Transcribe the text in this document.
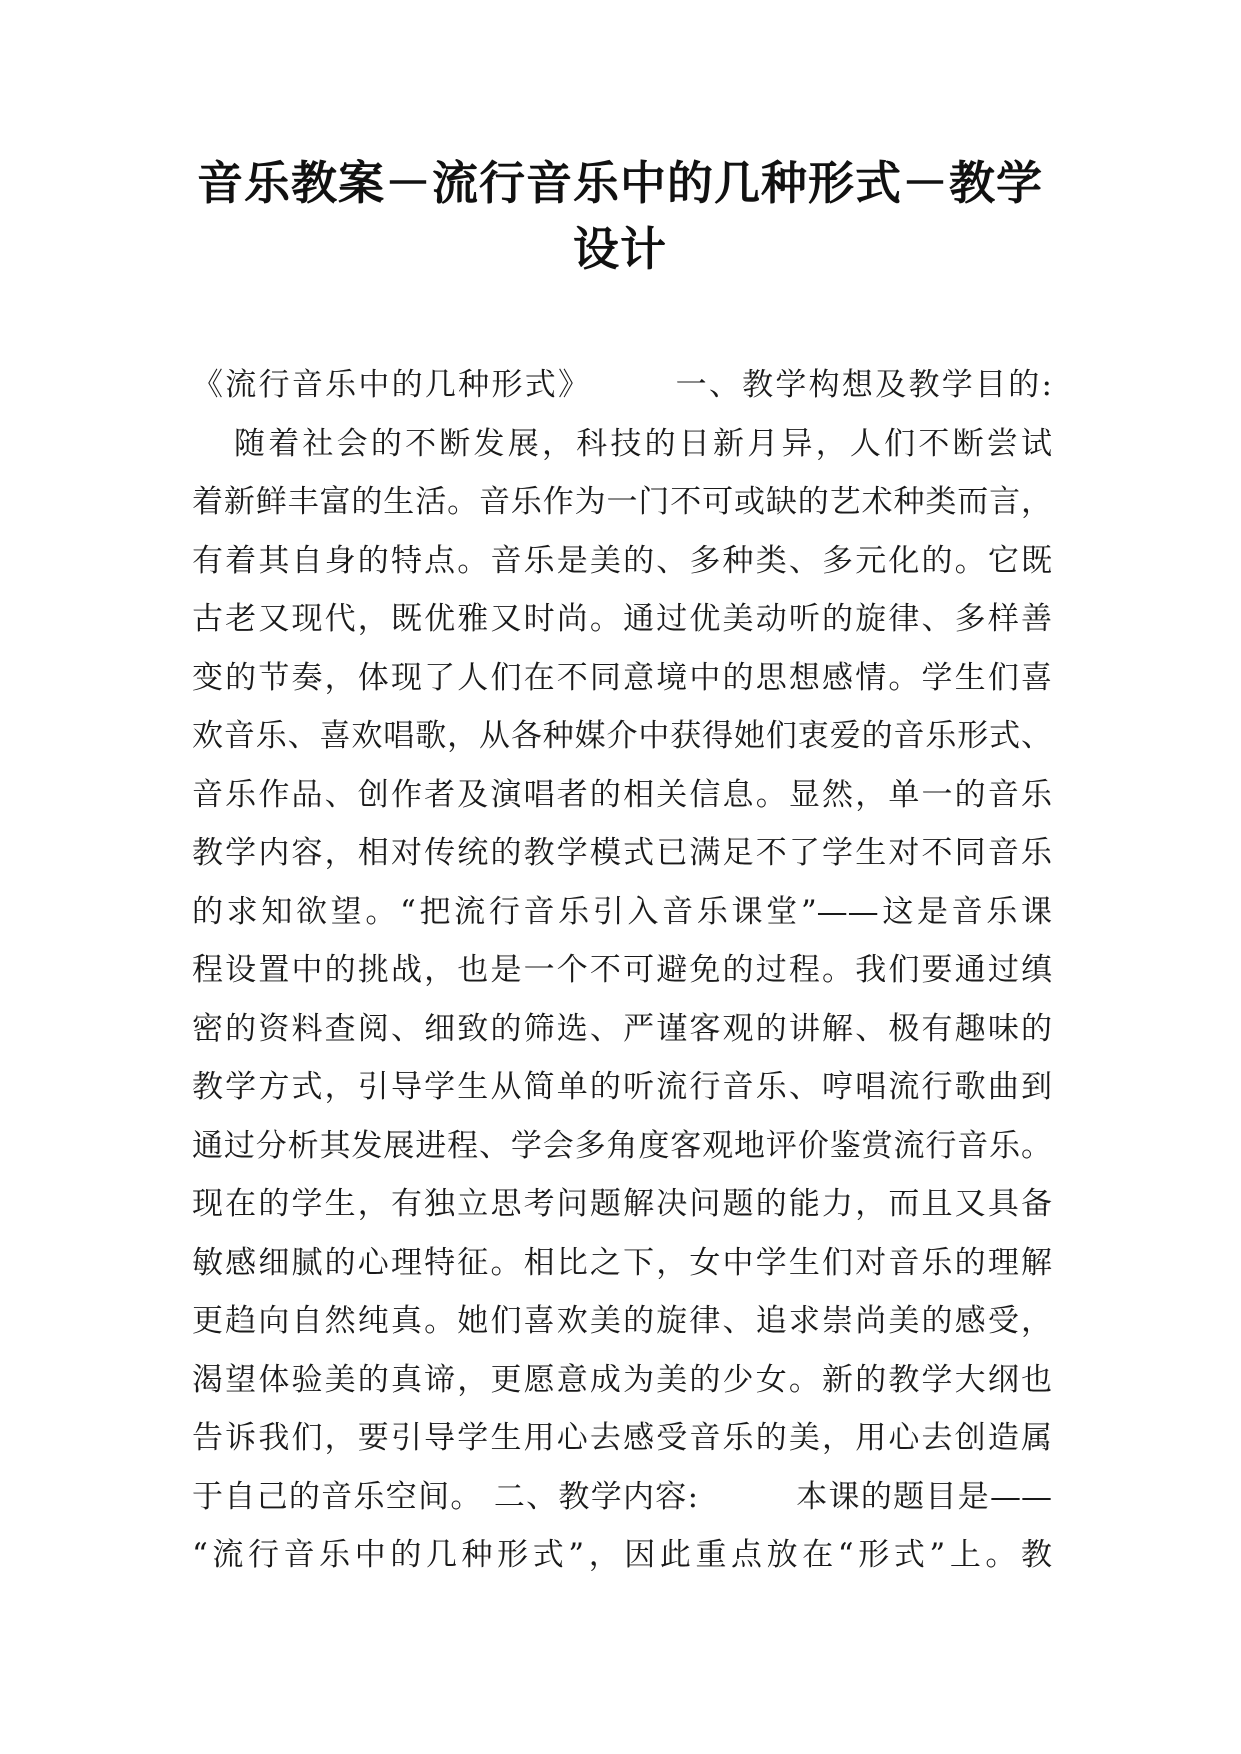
音乐教案－流行音乐中的几种形式－教学
设计
《流行音乐中的几种形式》　　　一、教学构想及教学目的:
随着社会的不断发展，科技的日新月异，人们不断尝试
着新鲜丰富的生活。音乐作为一门不可或缺的艺术种类而言，
有着其自身的特点。音乐是美的、多种类、多元化的。它既
古老又现代，既优雅又时尚。通过优美动听的旋律、多样善
变的节奏，体现了人们在不同意境中的思想感情。学生们喜
欢音乐、喜欢唱歌，从各种媒介中获得她们衷爱的音乐形式、
音乐作品、创作者及演唱者的相关信息。显然，单一的音乐
教学内容，相对传统的教学模式已满足不了学生对不同音乐
的求知欲望。“把流行音乐引入音乐课堂”——这是音乐课
程设置中的挑战，也是一个不可避免的过程。我们要通过缜
密的资料查阅、细致的筛选、严谨客观的讲解、极有趣味的
教学方式，引导学生从简单的听流行音乐、哼唱流行歌曲到
通过分析其发展进程、学会多角度客观地评价鉴赏流行音乐。
现在的学生，有独立思考问题解决问题的能力，而且又具备
敏感细腻的心理特征。相比之下，女中学生们对音乐的理解
更趋向自然纯真。她们喜欢美的旋律、追求崇尚美的感受，
渴望体验美的真谛，更愿意成为美的少女。新的教学大纲也
告诉我们，要引导学生用心去感受音乐的美，用心去创造属
于自己的音乐空间。 二、教学内容:　　　本课的题目是——
“流行音乐中的几种形式”，因此重点放在“形式”上。教
